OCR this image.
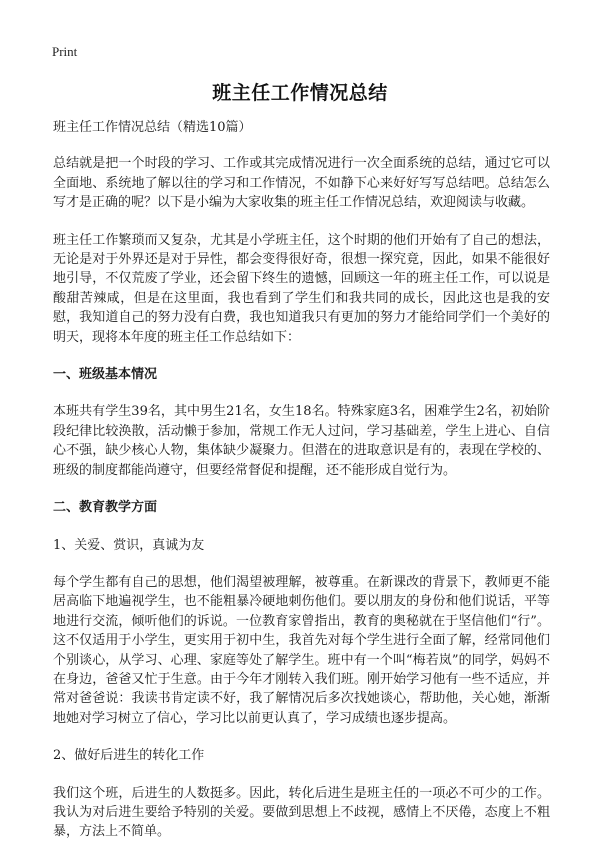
Print
班主任工作情况总结

班主任工作情况总结（精选10篇）

总结就是把一个时段的学习、工作或其完成情况进行一次全面系统的总结，通过它可以全面地、系统地了解以往的学习和工作情况，不如静下心来好好写写总结吧。总结怎么写才是正确的呢？以下是小编为大家收集的班主任工作情况总结，欢迎阅读与收藏。

班主任工作繁琐而又复杂，尤其是小学班主任，这个时期的他们开始有了自己的想法，无论是对于外界还是对于异性，都会变得很好奇，很想一探究竟，因此，如果不能很好地引导，不仅荒废了学业，还会留下终生的遗憾，回顾这一年的班主任工作，可以说是酸甜苦辣咸，但是在这里面，我也看到了学生们和我共同的成长，因此这也是我的安慰，我知道自己的努力没有白费，我也知道我只有更加的努力才能给同学们一个美好的明天，现将本年度的班主任工作总结如下：

一、班级基本情况

本班共有学生39名，其中男生21名，女生18名。特殊家庭3名，困难学生2名，初始阶段纪律比较涣散，活动懒于参加，常规工作无人过问，学习基础差，学生上进心、自信心不强，缺少核心人物，集体缺少凝聚力。但潜在的进取意识是有的，表现在学校的、班级的制度都能尚遵守，但要经常督促和提醒，还不能形成自觉行为。

二、教育教学方面

1、关爱、赏识，真诚为友

每个学生都有自己的思想，他们渴望被理解，被尊重。在新课改的背景下，教师更不能居高临下地遍视学生，也不能粗暴冷硬地刺伤他们。要以朋友的身份和他们说话，平等地进行交流，倾听他们的诉说。一位教育家曾指出，教育的奥秘就在于坚信他们“行”。这不仅适用于小学生，更实用于初中生，我首先对每个学生进行全面了解，经常同他们个别谈心，从学习、心理、家庭等处了解学生。班中有一个叫“梅若岚”的同学，妈妈不在身边，爸爸又忙于生意。由于今年才刚转入我们班。刚开始学习他有一些不适应，并常对爸爸说：我读书肯定读不好，我了解情况后多次找她谈心，帮助他，关心她，渐渐地她对学习树立了信心，学习比以前更认真了，学习成绩也逐步提高。

2、做好后进生的转化工作

我们这个班，后进生的人数挺多。因此，转化后进生是班主任的一项必不可少的工作。我认为对后进生要给予特别的关爱。要做到思想上不歧视，感情上不厌倦，态度上不粗暴，方法上不简单。
